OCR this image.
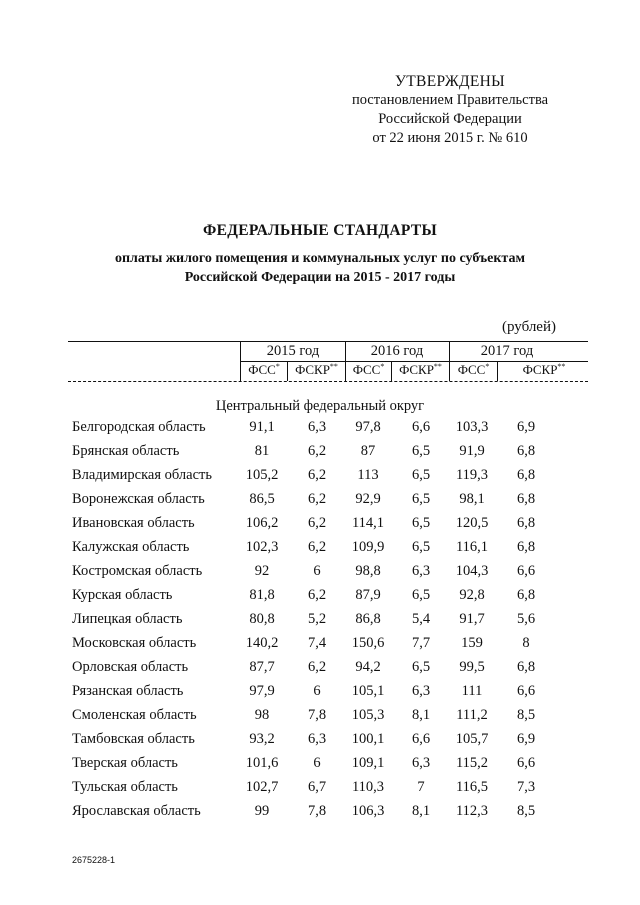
УТВЕРЖДЕНЫ
постановлением Правительства
Российской Федерации
от 22 июня 2015 г. № 610
ФЕДЕРАЛЬНЫЕ СТАНДАРТЫ
оплаты жилого помещения и коммунальных услуг по субъектам
Российской Федерации на 2015 - 2017 годы
(рублей)
2015 год	2016 год	2017 год
ФСС*	ФСКР**	ФСС*	ФСКР**	ФСС*	ФСКР**
Центральный федеральный округ
Белгородская область	91,1	6,3	97,8	6,6	103,3	6,9
Брянская область	81	6,2	87	6,5	91,9	6,8
Владимирская область	105,2	6,2	113	6,5	119,3	6,8
Воронежская область	86,5	6,2	92,9	6,5	98,1	6,8
Ивановская область	106,2	6,2	114,1	6,5	120,5	6,8
Калужская область	102,3	6,2	109,9	6,5	116,1	6,8
Костромская область	92	6	98,8	6,3	104,3	6,6
Курская область	81,8	6,2	87,9	6,5	92,8	6,8
Липецкая область	80,8	5,2	86,8	5,4	91,7	5,6
Московская область	140,2	7,4	150,6	7,7	159	8
Орловская область	87,7	6,2	94,2	6,5	99,5	6,8
Рязанская область	97,9	6	105,1	6,3	111	6,6
Смоленская область	98	7,8	105,3	8,1	111,2	8,5
Тамбовская область	93,2	6,3	100,1	6,6	105,7	6,9
Тверская область	101,6	6	109,1	6,3	115,2	6,6
Тульская область	102,7	6,7	110,3	7	116,5	7,3
Ярославская область	99	7,8	106,3	8,1	112,3	8,5
2675228-1
